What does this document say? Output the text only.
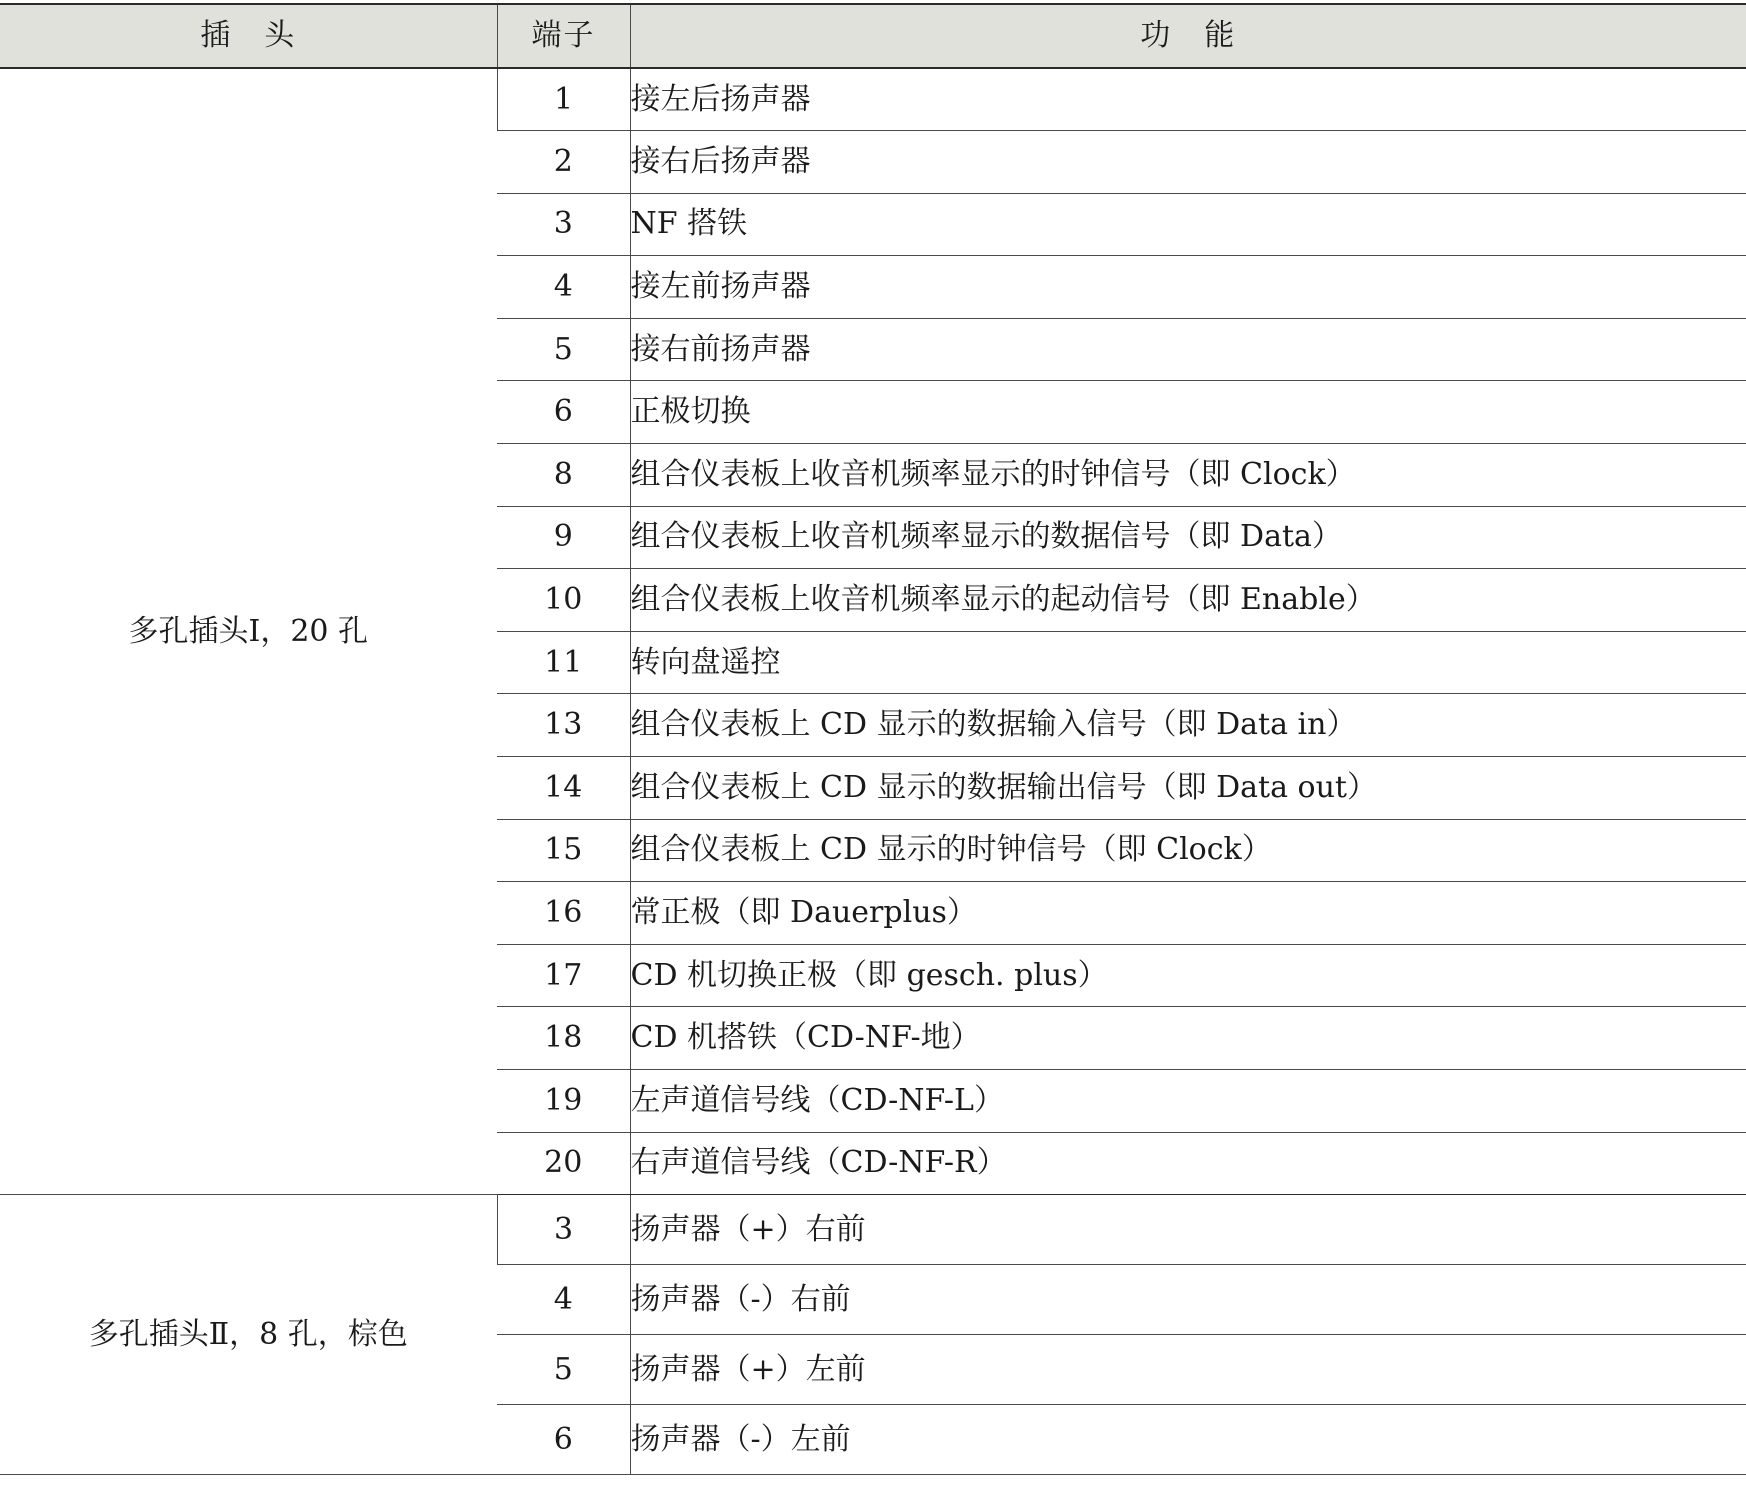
插　头	端子	功　能
多孔插头Ⅰ，20 孔	1	接左后扬声器
	2	接右后扬声器
	3	NF 搭铁
	4	接左前扬声器
	5	接右前扬声器
	6	正极切换
	8	组合仪表板上收音机频率显示的时钟信号（即 Clock）
	9	组合仪表板上收音机频率显示的数据信号（即 Data）
	10	组合仪表板上收音机频率显示的起动信号（即 Enable）
	11	转向盘遥控
	13	组合仪表板上 CD 显示的数据输入信号（即 Data in）
	14	组合仪表板上 CD 显示的数据输出信号（即 Data out）
	15	组合仪表板上 CD 显示的时钟信号（即 Clock）
	16	常正极（即 Dauerplus）
	17	CD 机切换正极（即 gesch. plus）
	18	CD 机搭铁（CD-NF-地）
	19	左声道信号线（CD-NF-L）
	20	右声道信号线（CD-NF-R）
多孔插头Ⅱ，8 孔，棕色	3	扬声器（+）右前
	4	扬声器（-）右前
	5	扬声器（+）左前
	6	扬声器（-）左前
